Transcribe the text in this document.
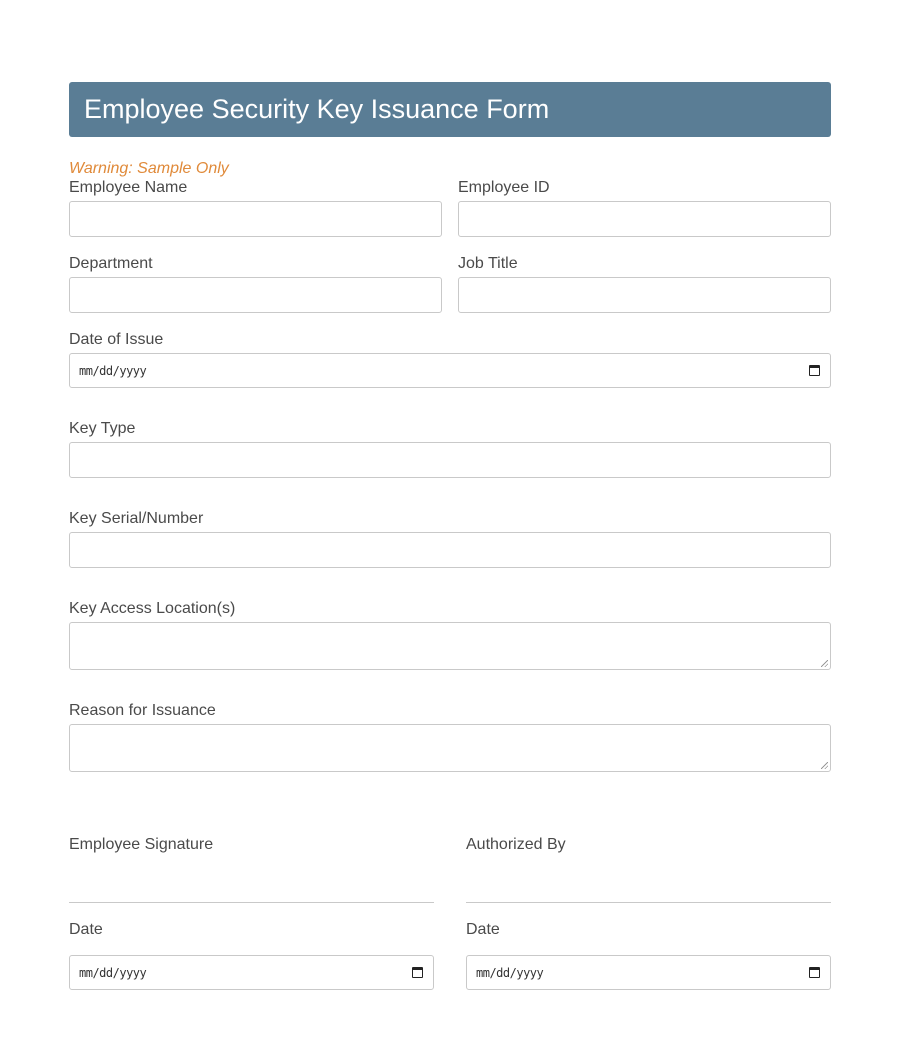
Employee Security Key Issuance Form
Warning: Sample Only
Employee Name	Employee ID
Department	Job Title
Date of Issue
mm/dd/yyyy
Key Type
Key Serial/Number
Key Access Location(s)
Reason for Issuance
Employee Signature	Authorized By
Date
mm/dd/yyyy
Date
mm/dd/yyyy
